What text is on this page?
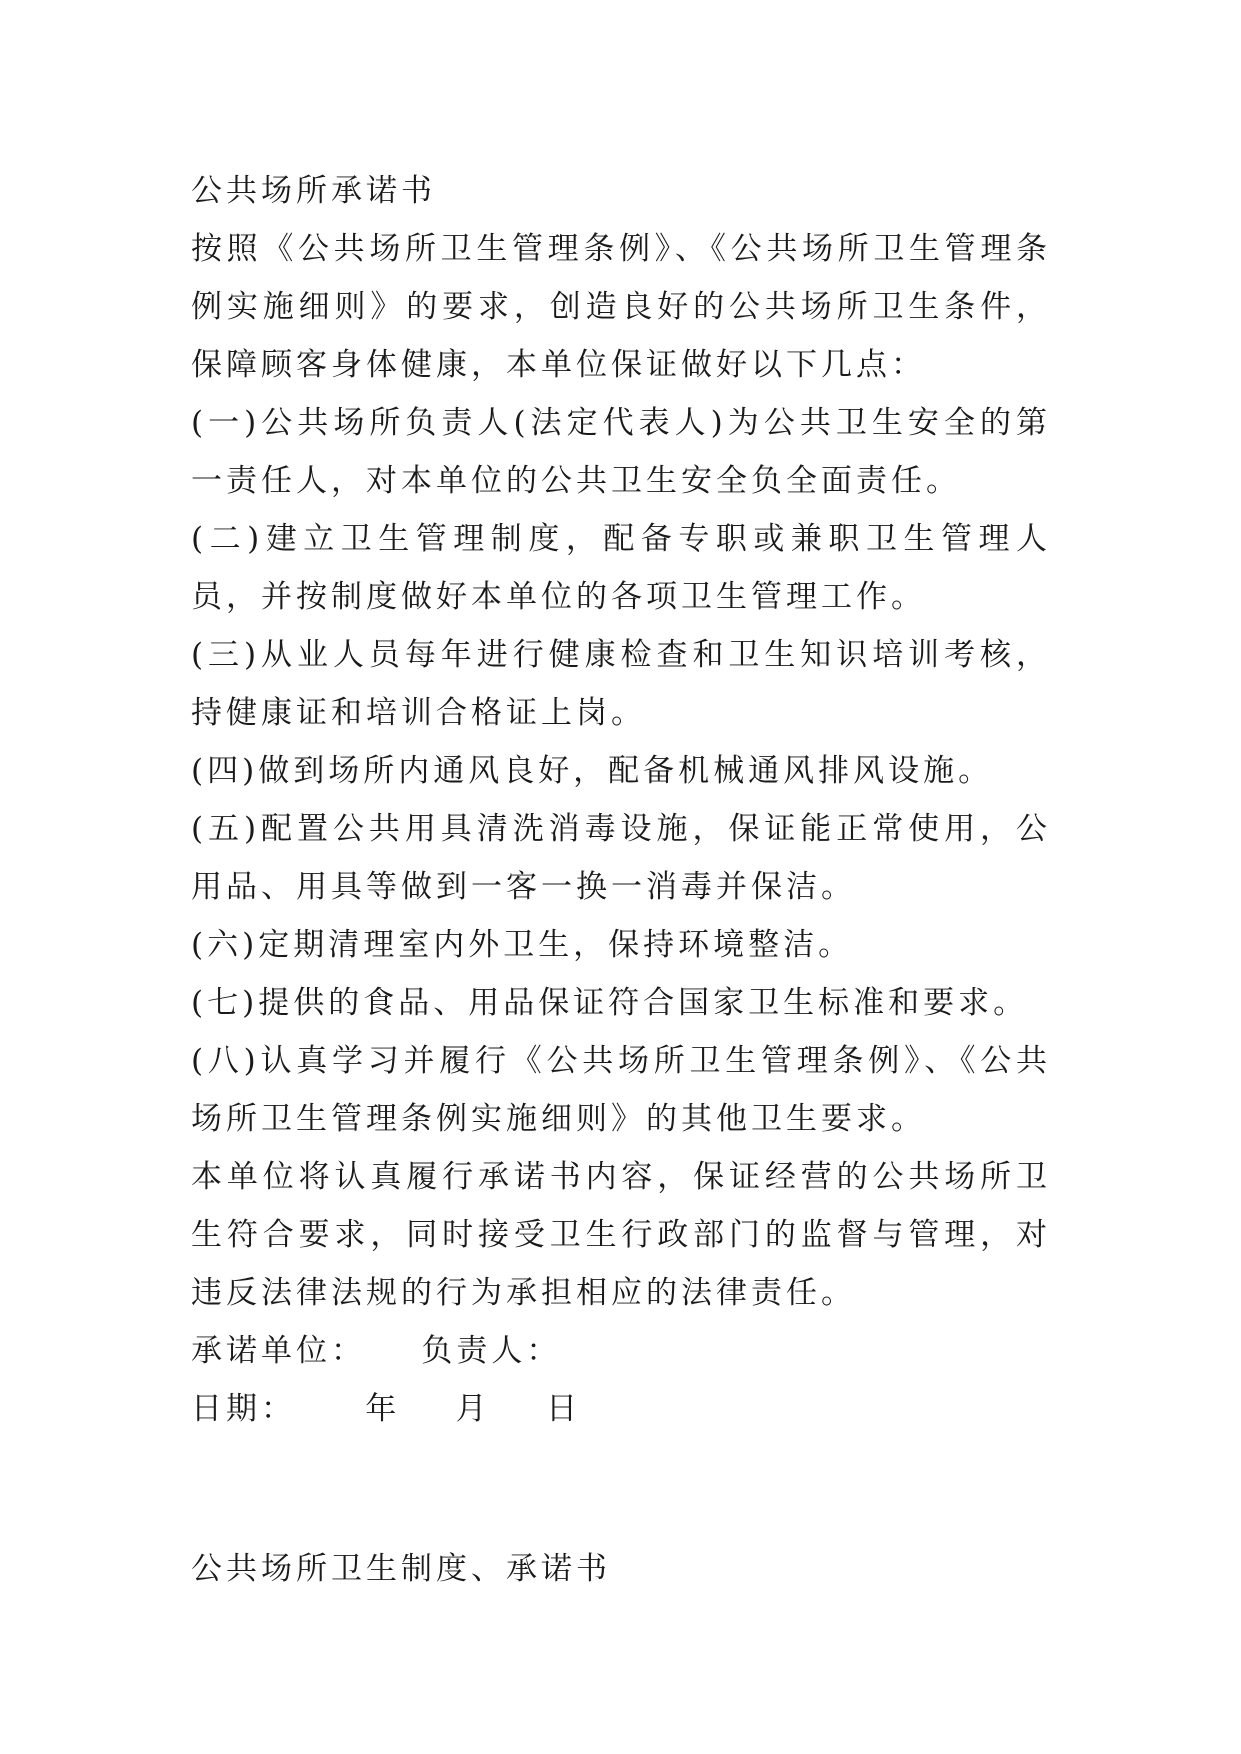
公共场所承诺书

按照《公共场所卫生管理条例》、《公共场所卫生管理条例实施细则》的要求，创造良好的公共场所卫生条件，保障顾客身体健康，本单位保证做好以下几点：

(一)公共场所负责人(法定代表人)为公共卫生安全的第一责任人，对本单位的公共卫生安全负全面责任。

(二)建立卫生管理制度，配备专职或兼职卫生管理人员，并按制度做好本单位的各项卫生管理工作。

(三)从业人员每年进行健康检查和卫生知识培训考核，持健康证和培训合格证上岗。

(四)做到场所内通风良好，配备机械通风排风设施。

(五)配置公共用具清洗消毒设施，保证能正常使用，公用品、用具等做到一客一换一消毒并保洁。

(六)定期清理室内外卫生，保持环境整洁。

(七)提供的食品、用品保证符合国家卫生标准和要求。

(八)认真学习并履行《公共场所卫生管理条例》、《公共场所卫生管理条例实施细则》的其他卫生要求。

本单位将认真履行承诺书内容，保证经营的公共场所卫生符合要求，同时接受卫生行政部门的监督与管理，对违反法律法规的行为承担相应的法律责任。

承诺单位：    负责人：

日期：     年    月    日

公共场所卫生制度、承诺书
